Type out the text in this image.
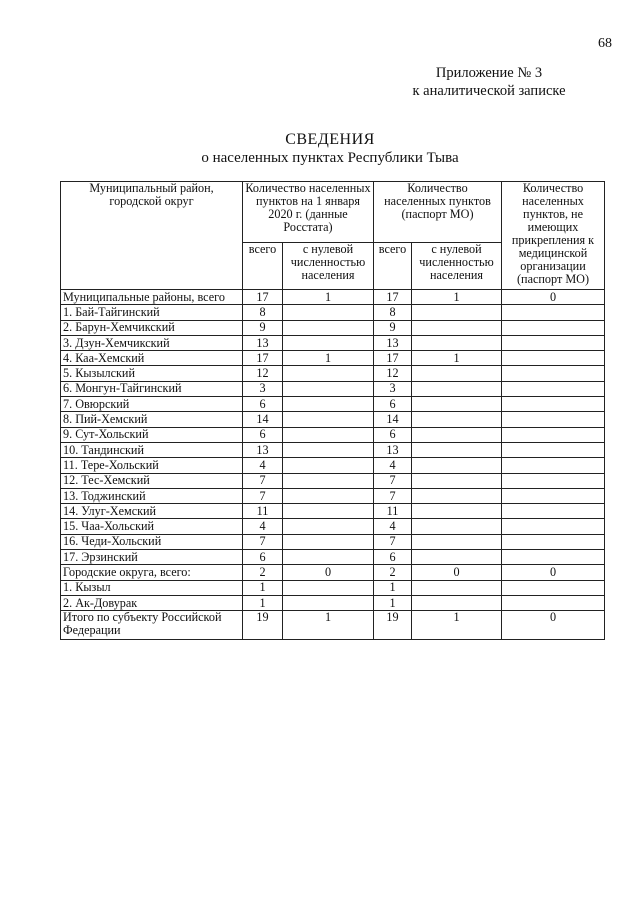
68
Приложение № 3
к аналитической записке
СВЕДЕНИЯ
о населенных пунктах Республики Тыва
Муниципальный район, городской округ	Количество населенных пунктов на 1 января 2020 г. (данные Росстата)		Количество населенных пунктов (паспорт МО)		Количество населенных пунктов, не имеющих прикрепления к медицинской организации (паспорт МО)
	всего	с нулевой численностью населения	всего	с нулевой численностью населения	
Муниципальные районы, всего	17	1	17	1	0
1. Бай-Тайгинский	8		8		
2. Барун-Хемчикский	9		9		
3. Дзун-Хемчикский	13		13		
4. Каа-Хемский	17	1	17	1	
5. Кызылский	12		12		
6. Монгун-Тайгинский	3		3		
7. Овюрский	6		6		
8. Пий-Хемский	14		14		
9. Сут-Хольский	6		6		
10. Тандинский	13		13		
11. Тере-Хольский	4		4		
12. Тес-Хемский	7		7		
13. Тоджинский	7		7		
14. Улуг-Хемский	11		11		
15. Чаа-Хольский	4		4		
16. Чеди-Хольский	7		7		
17. Эрзинский	6		6		
Городские округа, всего:	2	0	2	0	0
1. Кызыл	1		1		
2. Ак-Довурак	1		1		
Итого по субъекту Российской Федерации	19	1	19	1	0
